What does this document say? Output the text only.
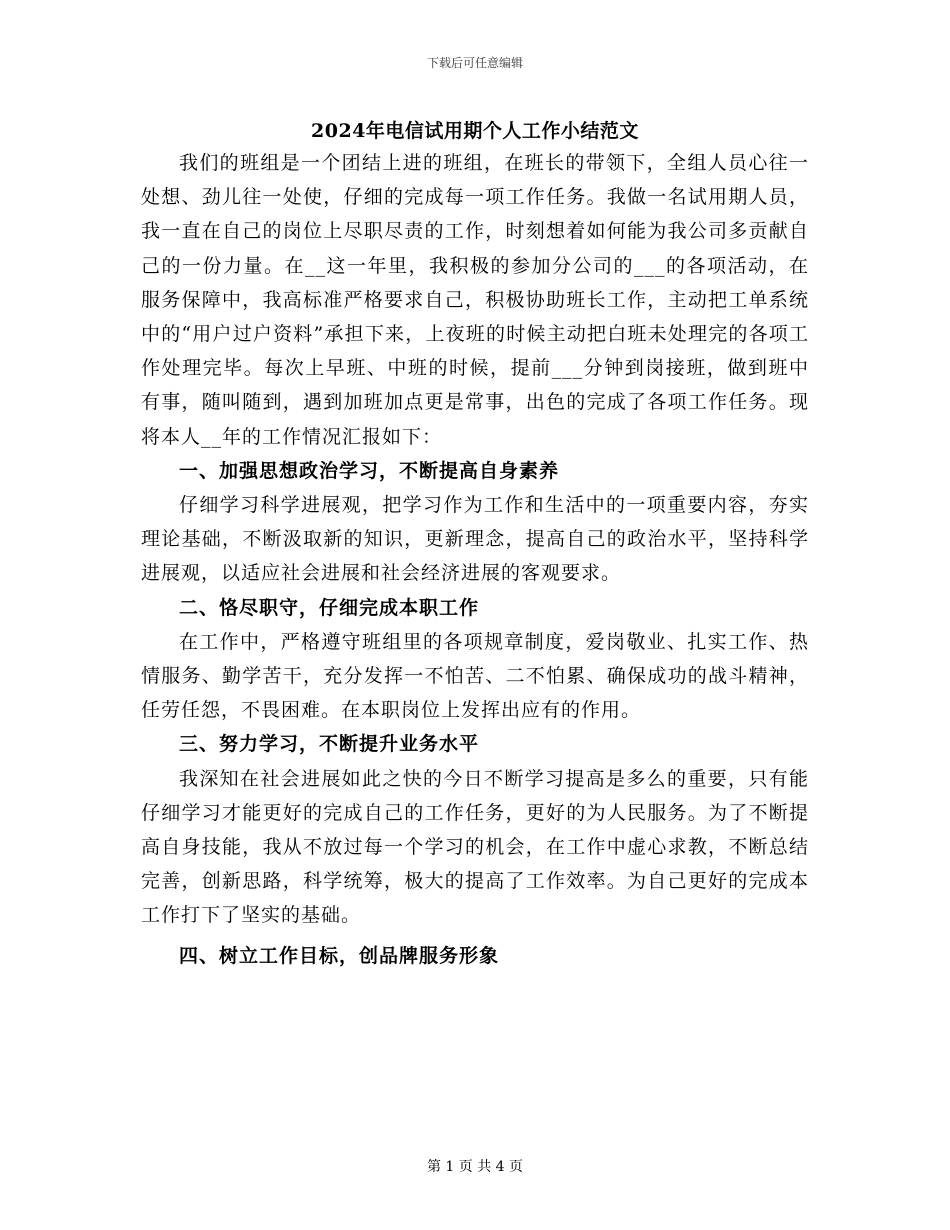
下载后可任意编辑
2024年电信试用期个人工作小结范文

我们的班组是一个团结上进的班组，在班长的带领下，全组人员心往一处想、劲儿往一处使，仔细的完成每一项工作任务。我做一名试用期人员，我一直在自己的岗位上尽职尽责的工作，时刻想着如何能为我公司多贡献自己的一份力量。在__这一年里，我积极的参加分公司的___的各项活动，在服务保障中，我高标准严格要求自己，积极协助班长工作，主动把工单系统中的“用户过户资料”承担下来，上夜班的时候主动把白班未处理完的各项工作处理完毕。每次上早班、中班的时候，提前___分钟到岗接班，做到班中有事，随叫随到，遇到加班加点更是常事，出色的完成了各项工作任务。现将本人__年的工作情况汇报如下：

一、加强思想政治学习，不断提高自身素养

仔细学习科学进展观，把学习作为工作和生活中的一项重要内容，夯实理论基础，不断汲取新的知识，更新理念，提高自己的政治水平，坚持科学进展观，以适应社会进展和社会经济进展的客观要求。

二、恪尽职守，仔细完成本职工作

在工作中，严格遵守班组里的各项规章制度，爱岗敬业、扎实工作、热情服务、勤学苦干，充分发挥一不怕苦、二不怕累、确保成功的战斗精神，任劳任怨，不畏困难。在本职岗位上发挥出应有的作用。

三、努力学习，不断提升业务水平

我深知在社会进展如此之快的今日不断学习提高是多么的重要，只有能仔细学习才能更好的完成自己的工作任务，更好的为人民服务。为了不断提高自身技能，我从不放过每一个学习的机会，在工作中虚心求教，不断总结完善，创新思路，科学统筹，极大的提高了工作效率。为自己更好的完成本工作打下了坚实的基础。

四、树立工作目标，创品牌服务形象

第 1 页 共 4 页
